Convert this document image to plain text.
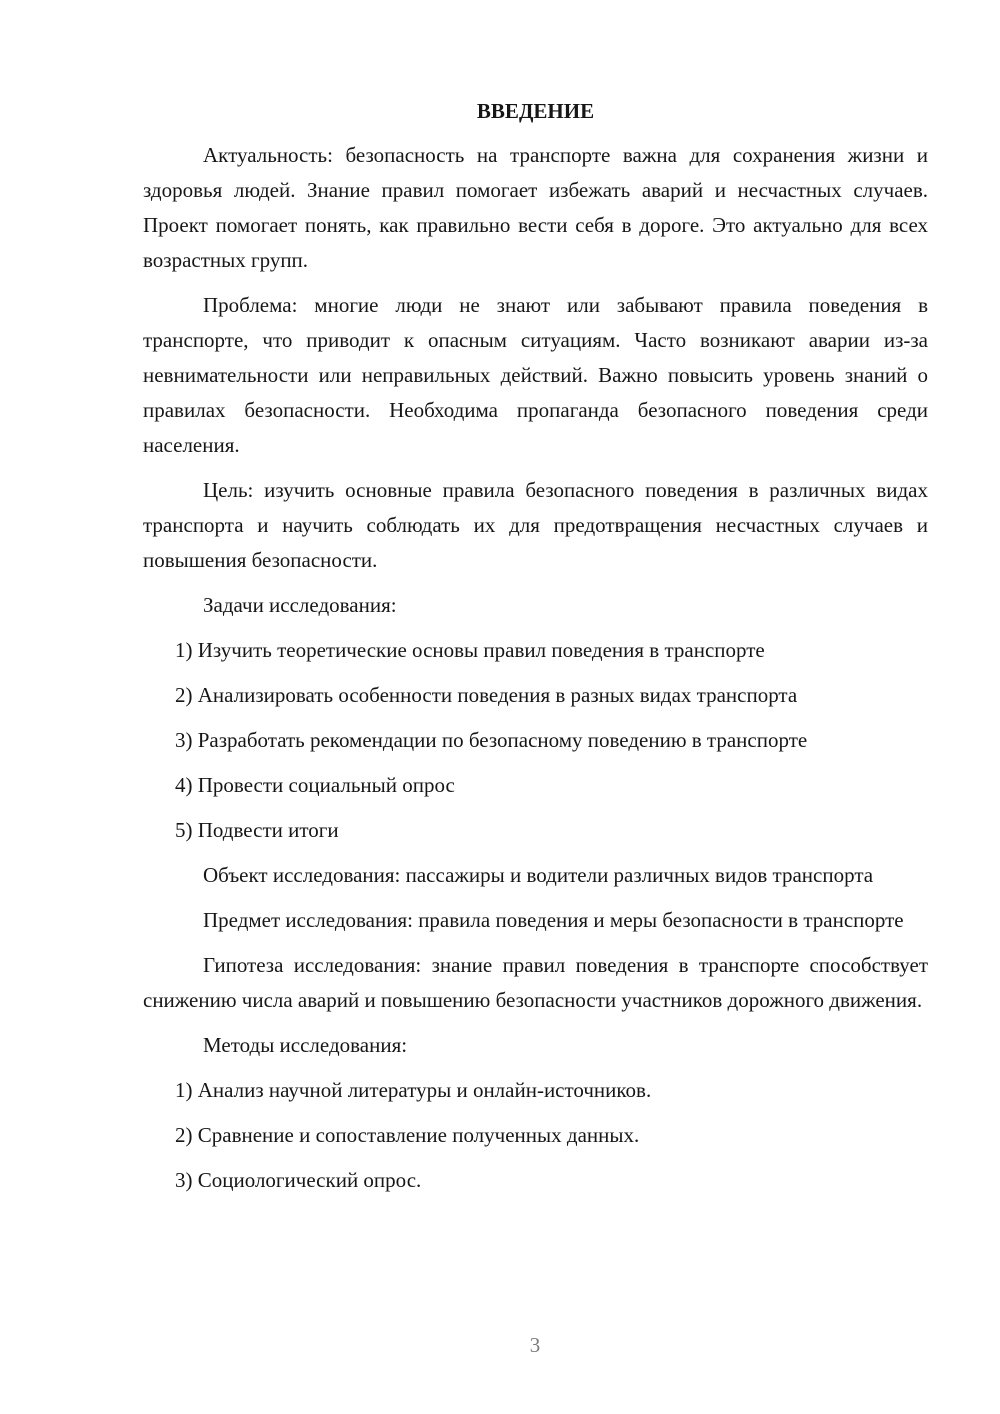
ВВЕДЕНИЕ

Актуальность: безопасность на транспорте важна для сохранения жизни и здоровья людей. Знание правил помогает избежать аварий и несчастных случаев. Проект помогает понять, как правильно вести себя в дороге. Это актуально для всех возрастных групп.

Проблема: многие люди не знают или забывают правила поведения в транспорте, что приводит к опасным ситуациям. Часто возникают аварии из-за невнимательности или неправильных действий. Важно повысить уровень знаний о правилах безопасности. Необходима пропаганда безопасного поведения среди населения.

Цель: изучить основные правила безопасного поведения в различных видах транспорта и научить соблюдать их для предотвращения несчастных случаев и повышения безопасности.

Задачи исследования:

1) Изучить теоретические основы правил поведения в транспорте
2) Анализировать особенности поведения в разных видах транспорта
3) Разработать рекомендации по безопасному поведению в транспорте
4) Провести социальный опрос
5) Подвести итоги

Объект исследования: пассажиры и водители различных видов транспорта

Предмет исследования: правила поведения и меры безопасности в транспорте

Гипотеза исследования: знание правил поведения в транспорте способствует снижению числа аварий и повышению безопасности участников дорожного движения.

Методы исследования:

1) Анализ научной литературы и онлайн-источников.
2) Сравнение и сопоставление полученных данных.
3) Социологический опрос.
3
